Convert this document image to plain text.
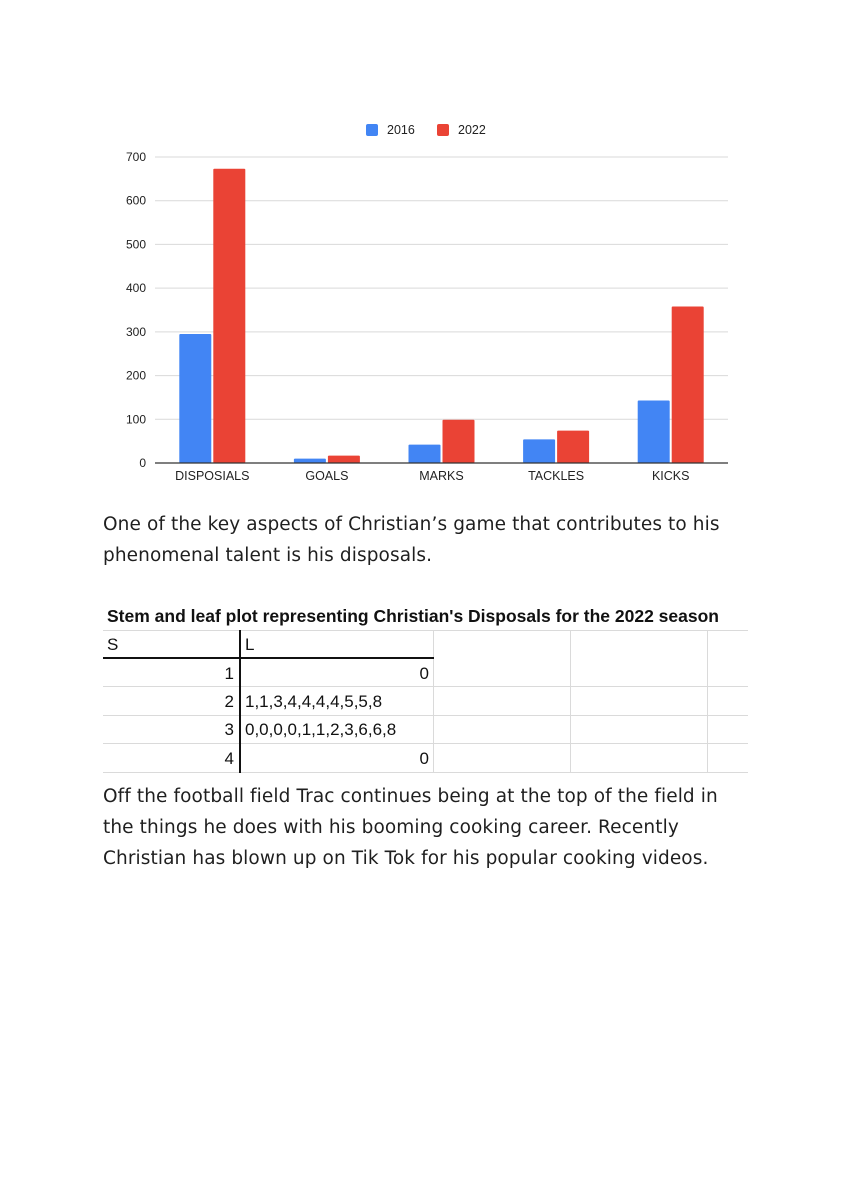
0
100
200
300
400
500
600
700
DISPOSIALS	GOALS	MARKS	TACKLES	KICKS
2016	2022

One of the key aspects of Christian’s game that contributes to his phenomenal talent is his disposals.

Stem and leaf plot representing Christian's Disposals for the 2022 season
S	L
1	0
2 1,1,3,4,4,4,4,5,5,8
3 0,0,0,0,1,1,2,3,6,6,8
4	0

Off the football field Trac continues being at the top of the field in the things he does with his booming cooking career. Recently Christian has blown up on Tik Tok for his popular cooking videos.
